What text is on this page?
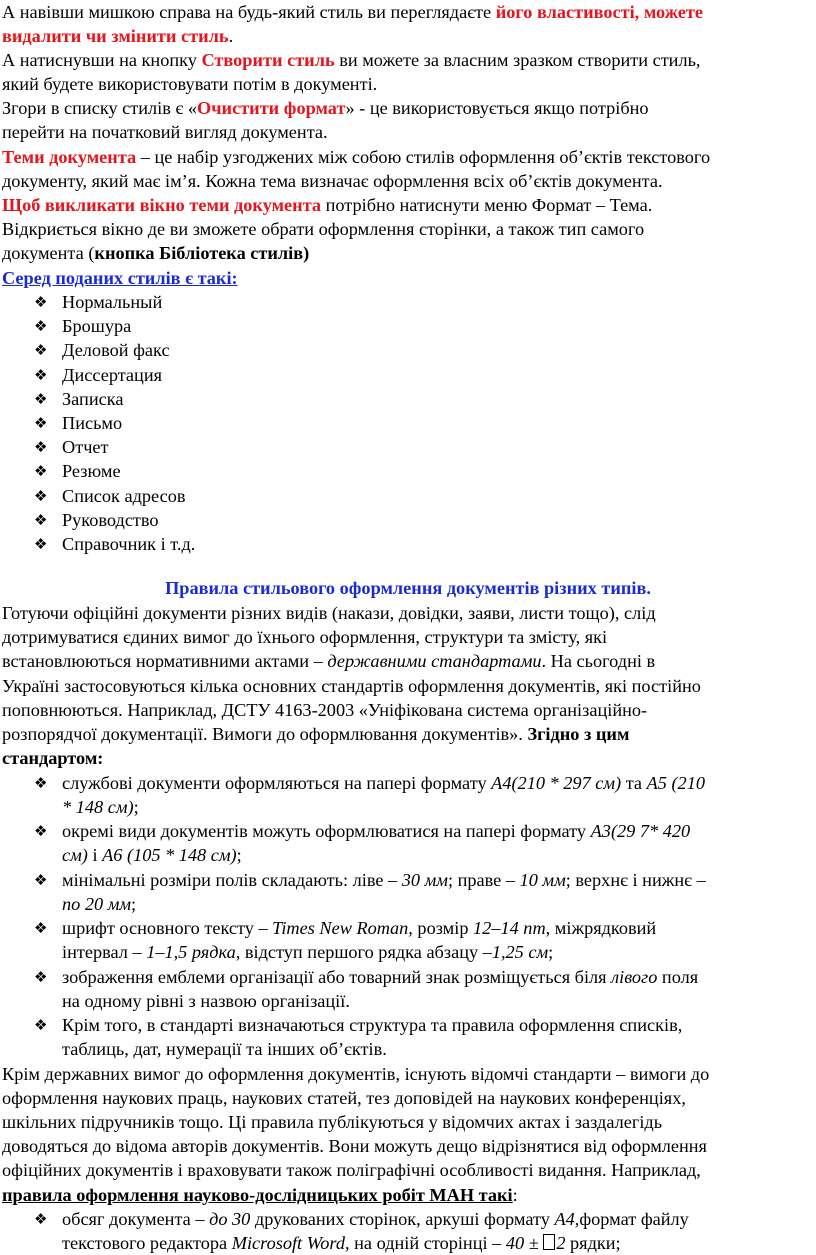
А навівши мишкою справа на будь-який стиль ви переглядаєте його властивості, можете
видалити чи змінити стиль.
А натиснувши на кнопку Створити стиль ви можете за власним зразком створити стиль,
який будете використовувати потім в документі.
Згори в списку стилів є «Очистити формат» - це використовується якщо потрібно
перейти на початковий вигляд документа.
Теми документа – це набір узгоджених між собою стилів оформлення об’єктів текстового
документу, який має ім’я. Кожна тема визначає оформлення всіх об’єктів документа.
Щоб викликати вікно теми документа потрібно натиснути меню Формат – Тема.
Відкриється вікно де ви зможете обрати оформлення сторінки, а також тип самого
документа (кнопка Бібліотека стилів)
Серед поданих стилів є такі:
❖ Нормальный
❖ Брошура
❖ Деловой факс
❖ Диссертация
❖ Записка
❖ Письмо
❖ Отчет
❖ Резюме
❖ Список адресов
❖ Руководство
❖ Справочник і т.д.
Правила стильового оформлення документів різних типів.
Готуючи офіційні документи різних видів (накази, довідки, заяви, листи тощо), слід
дотримуватися єдиних вимог до їхнього оформлення, структури та змісту, які
встановлюються нормативними актами – державними стандартами. На сьогодні в
Україні застосовуються кілька основних стандартів оформлення документів, які постійно
поповнюються. Наприклад, ДСТУ 4163-2003 «Уніфікована система організаційно-
розпорядчої документації. Вимоги до оформлювання документів». Згідно з цим
стандартом:
❖ службові документи оформляються на папері формату А4(210 * 297 см) та А5 (210
* 148 см);
❖ окремі види документів можуть оформлюватися на папері формату А3(29 7* 420
см) і А6 (105 * 148 см);
❖ мінімальні розміри полів складають: ліве – 30 мм; праве – 10 мм; верхнє і нижнє –
по 20 мм;
❖ шрифт основного тексту – Times New Roman, розмір 12–14 пт, міжрядковий
інтервал – 1–1,5 рядка, відступ першого рядка абзацу –1,25 см;
❖ зображення емблеми організації або товарний знак розміщується біля лівого поля
на одному рівні з назвою організації.
❖ Крім того, в стандарті визначаються структура та правила оформлення списків,
таблиць, дат, нумерації та інших об’єктів.
Крім державних вимог до оформлення документів, існують відомчі стандарти – вимоги до
оформлення наукових праць, наукових статей, тез доповідей на наукових конференціях,
шкільних підручників тощо. Ці правила публікуються у відомчих актах і заздалегідь
доводяться до відома авторів документів. Вони можуть дещо відрізнятися від оформлення
офіційних документів і враховувати також поліграфічні особливості видання. Наприклад,
правила оформлення науково-дослідницьких робіт МАН такі:
❖ обсяг документа – до 30 друкованих сторінок, аркуші формату А4,формат файлу
текстового редактора Microsoft Word, на одній сторінці – 40 ± 2 рядки;
